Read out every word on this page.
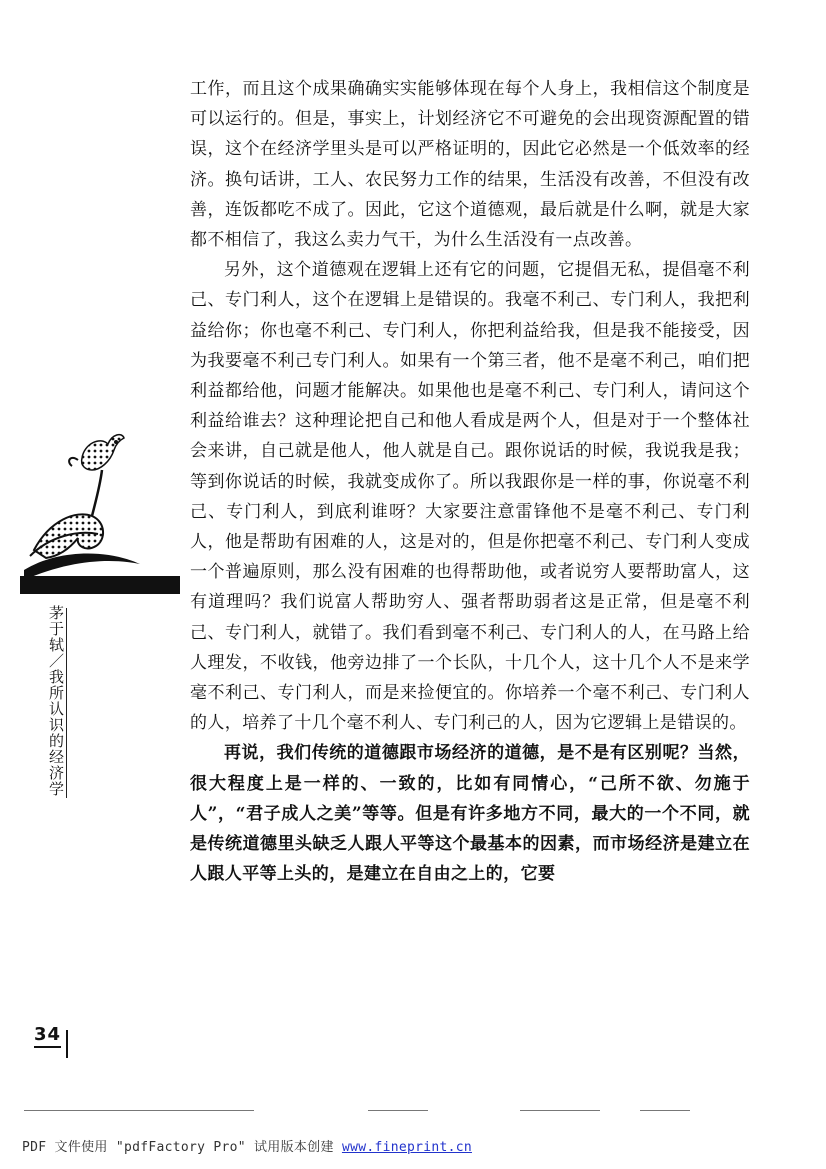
工作，而且这个成果确确实实能够体现在每个人身上，我相信这个制度是可以运行的。但是，事实上，计划经济它不可避免的会出现资源配置的错误，这个在经济学里头是可以严格证明的，因此它必然是一个低效率的经济。换句话讲，工人、农民努力工作的结果，生活没有改善，不但没有改善，连饭都吃不成了。因此，它这个道德观，最后就是什么啊，就是大家都不相信了，我这么卖力气干，为什么生活没有一点改善。

另外，这个道德观在逻辑上还有它的问题，它提倡无私，提倡毫不利己、专门利人，这个在逻辑上是错误的。我毫不利己、专门利人，我把利益给你；你也毫不利己、专门利人，你把利益给我，但是我不能接受，因为我要毫不利己专门利人。如果有一个第三者，他不是毫不利己，咱们把利益都给他，问题才能解决。如果他也是毫不利己、专门利人，请问这个利益给谁去？这种理论把自己和他人看成是两个人，但是对于一个整体社会来讲，自己就是他人，他人就是自己。跟你说话的时候，我说我是我；等到你说话的时候，我就变成你了。所以我跟你是一样的事，你说毫不利己、专门利人，到底利谁呀？大家要注意雷锋他不是毫不利己、专门利人，他是帮助有困难的人，这是对的，但是你把毫不利己、专门利人变成一个普遍原则，那么没有困难的也得帮助他，或者说穷人要帮助富人，这有道理吗？我们说富人帮助穷人、强者帮助弱者这是正常，但是毫不利己、专门利人，就错了。我们看到毫不利己、专门利人的人，在马路上给人理发，不收钱，他旁边排了一个长队，十几个人，这十几个人不是来学毫不利己、专门利人，而是来捡便宜的。你培养一个毫不利己、专门利人的人，培养了十几个毫不利人、专门利己的人，因为它逻辑上是错误的。

再说，我们传统的道德跟市场经济的道德，是不是有区别呢？当然，很大程度上是一样的、一致的，比如有同情心，“己所不欲、勿施于人”，“君子成人之美”等等。但是有许多地方不同，最大的一个不同，就是传统道德里头缺乏人跟人平等这个最基本的因素，而市场经济是建立在人跟人平等上头的，是建立在自由之上的，它要

茅于轼／我所认识的经济学
34
PDF 文件使用 "pdfFactory Pro" 试用版本创建 www.fineprint.cn
